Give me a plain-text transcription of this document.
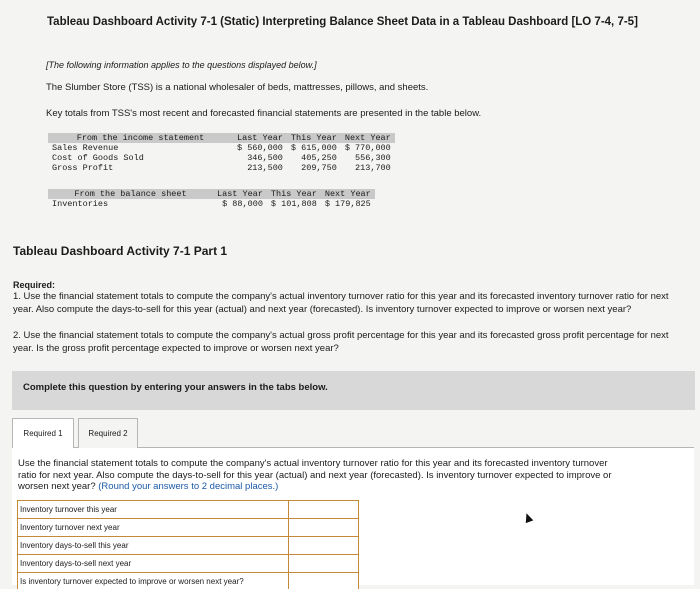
Tableau Dashboard Activity 7-1 (Static) Interpreting Balance Sheet Data in a Tableau Dashboard [LO 7-4, 7-5]
[The following information applies to the questions displayed below.]
The Slumber Store (TSS) is a national wholesaler of beds, mattresses, pillows, and sheets.
Key totals from TSS's most recent and forecasted financial statements are presented in the table below.
From the income statement	Last Year	This Year	Next Year
Sales Revenue	$ 560,000	$ 615,000	$ 770,000
Cost of Goods Sold	346,500	405,250	556,300
Gross Profit	213,500	209,750	213,700
From the balance sheet	Last Year	This Year	Next Year
Inventories	$ 88,000	$ 101,808	$ 179,825
Tableau Dashboard Activity 7-1 Part 1
Required:
1. Use the financial statement totals to compute the company's actual inventory turnover ratio for this year and its forecasted inventory turnover ratio for next year. Also compute the days-to-sell for this year (actual) and next year (forecasted). Is inventory turnover expected to improve or worsen next year?
2. Use the financial statement totals to compute the company's actual gross profit percentage for this year and its forecasted gross profit percentage for next year. Is the gross profit percentage expected to improve or worsen next year?
Complete this question by entering your answers in the tabs below.
Required 1	Required 2
Use the financial statement totals to compute the company's actual inventory turnover ratio for this year and its forecasted inventory turnover ratio for next year. Also compute the days-to-sell for this year (actual) and next year (forecasted). Is inventory turnover expected to improve or worsen next year? (Round your answers to 2 decimal places.)
Inventory turnover this year	
Inventory turnover next year	
Inventory days-to-sell this year	
Inventory days-to-sell next year	
Is inventory turnover expected to improve or worsen next year?	
